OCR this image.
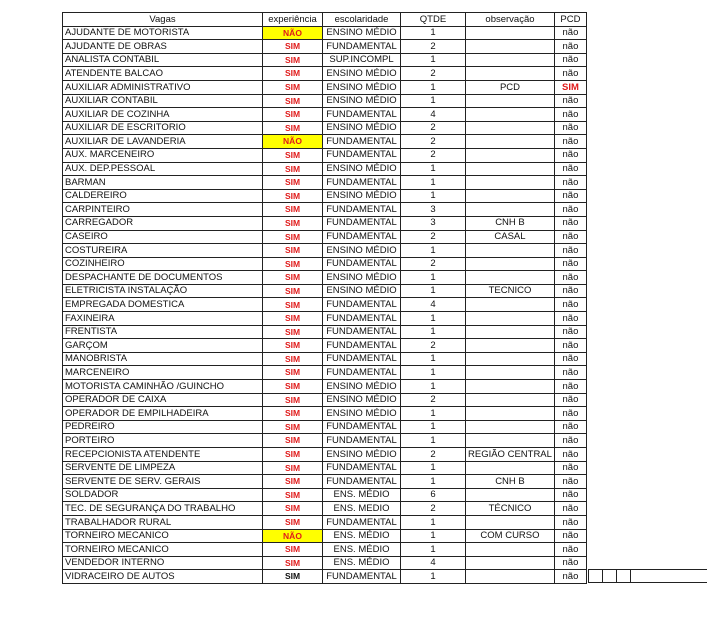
Vagas	experiência	escolaridade	QTDE	observação	PCD
AJUDANTE DE MOTORISTA	NÃO	ENSINO MÉDIO	1		não
AJUDANTE DE OBRAS	SIM	FUNDAMENTAL	2		não
ANALISTA CONTABIL	SIM	SUP.INCOMPL	1		não
ATENDENTE BALCAO	SIM	ENSINO MÉDIO	2		não
AUXILIAR ADMINISTRATIVO	SIM	ENSINO MÉDIO	1	PCD	SIM
AUXILIAR CONTABIL	SIM	ENSINO MÉDIO	1		não
AUXILIAR DE COZINHA	SIM	FUNDAMENTAL	4		não
AUXILIAR DE ESCRITORIO	SIM	ENSINO MÉDIO	2		não
AUXILIAR DE LAVANDERIA	NÃO	FUNDAMENTAL	2		não
AUX. MARCENEIRO	SIM	FUNDAMENTAL	2		não
AUX. DEP.PESSOAL	SIM	ENSINO MÉDIO	1		não
BARMAN	SIM	FUNDAMENTAL	1		não
CALDEREIRO	SIM	ENSINO MÉDIO	1		não
CARPINTEIRO	SIM	FUNDAMENTAL	3		não
CARREGADOR	SIM	FUNDAMENTAL	3	CNH B	não
CASEIRO	SIM	FUNDAMENTAL	2	CASAL	não
COSTUREIRA	SIM	ENSINO MÉDIO	1		não
COZINHEIRO	SIM	FUNDAMENTAL	2		não
DESPACHANTE DE DOCUMENTOS	SIM	ENSINO MÉDIO	1		não
ELETRICISTA INSTALAÇÃO	SIM	ENSINO MÉDIO	1	TECNICO	não
EMPREGADA DOMESTICA	SIM	FUNDAMENTAL	4		não
FAXINEIRA	SIM	FUNDAMENTAL	1		não
FRENTISTA	SIM	FUNDAMENTAL	1		não
GARÇOM	SIM	FUNDAMENTAL	2		não
MANOBRISTA	SIM	FUNDAMENTAL	1		não
MARCENEIRO	SIM	FUNDAMENTAL	1		não
MOTORISTA CAMINHÃO /GUINCHO	SIM	ENSINO MÉDIO	1		não
OPERADOR DE CAIXA	SIM	ENSINO MÉDIO	2		não
OPERADOR DE EMPILHADEIRA	SIM	ENSINO MÉDIO	1		não
PEDREIRO	SIM	FUNDAMENTAL	1		não
PORTEIRO	SIM	FUNDAMENTAL	1		não
RECEPCIONISTA ATENDENTE	SIM	ENSINO MÉDIO	2	REGIÃO CENTRAL	não
SERVENTE DE LIMPEZA	SIM	FUNDAMENTAL	1		não
SERVENTE DE SERV. GERAIS	SIM	FUNDAMENTAL	1	CNH B	não
SOLDADOR	SIM	ENS. MÉDIO	6		não
TEC. DE SEGURANÇA DO TRABALHO	SIM	ENS. MEDIO	2	TÉCNICO	não
TRABALHADOR RURAL	SIM	FUNDAMENTAL	1		não
TORNEIRO MECANICO	NÃO	ENS. MÉDIO	1	COM CURSO	não
TORNEIRO MECANICO	SIM	ENS. MÉDIO	1		não
VENDEDOR INTERNO	SIM	ENS. MÉDIO	4		não
VIDRACEIRO DE AUTOS	SIM	FUNDAMENTAL	1		não
